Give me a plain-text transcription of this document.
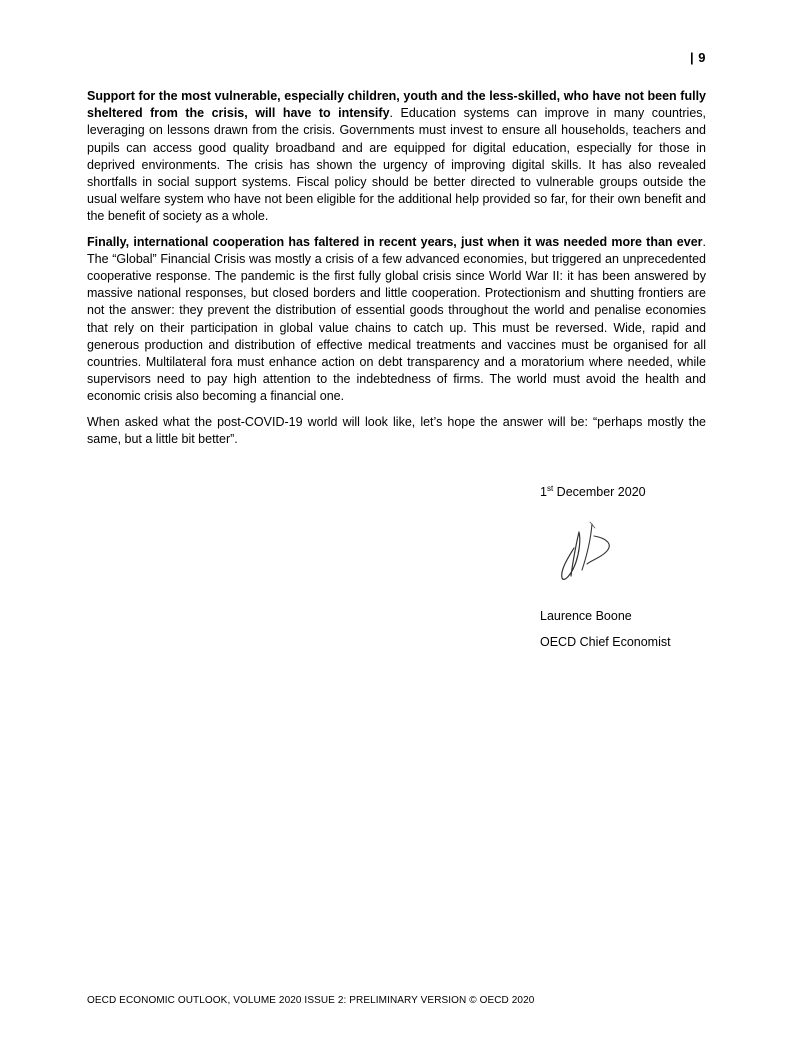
| 9

Support for the most vulnerable, especially children, youth and the less-skilled, who have not been fully sheltered from the crisis, will have to intensify. Education systems can improve in many countries, leveraging on lessons drawn from the crisis. Governments must invest to ensure all households, teachers and pupils can access good quality broadband and are equipped for digital education, especially for those in deprived environments. The crisis has shown the urgency of improving digital skills. It has also revealed shortfalls in social support systems. Fiscal policy should be better directed to vulnerable groups outside the usual welfare system who have not been eligible for the additional help provided so far, for their own benefit and the benefit of society as a whole.

Finally, international cooperation has faltered in recent years, just when it was needed more than ever. The “Global” Financial Crisis was mostly a crisis of a few advanced economies, but triggered an unprecedented cooperative response. The pandemic is the first fully global crisis since World War II: it has been answered by massive national responses, but closed borders and little cooperation. Protectionism and shutting frontiers are not the answer: they prevent the distribution of essential goods throughout the world and penalise economies that rely on their participation in global value chains to catch up. This must be reversed. Wide, rapid and generous production and distribution of effective medical treatments and vaccines must be organised for all countries. Multilateral fora must enhance action on debt transparency and a moratorium where needed, while supervisors need to pay high attention to the indebtedness of firms. The world must avoid the health and economic crisis also becoming a financial one.

When asked what the post-COVID-19 world will look like, let’s hope the answer will be: “perhaps mostly the same, but a little bit better”.

1st December 2020
Laurence Boone
OECD Chief Economist
OECD ECONOMIC OUTLOOK, VOLUME 2020 ISSUE 2: PRELIMINARY VERSION © OECD 2020
